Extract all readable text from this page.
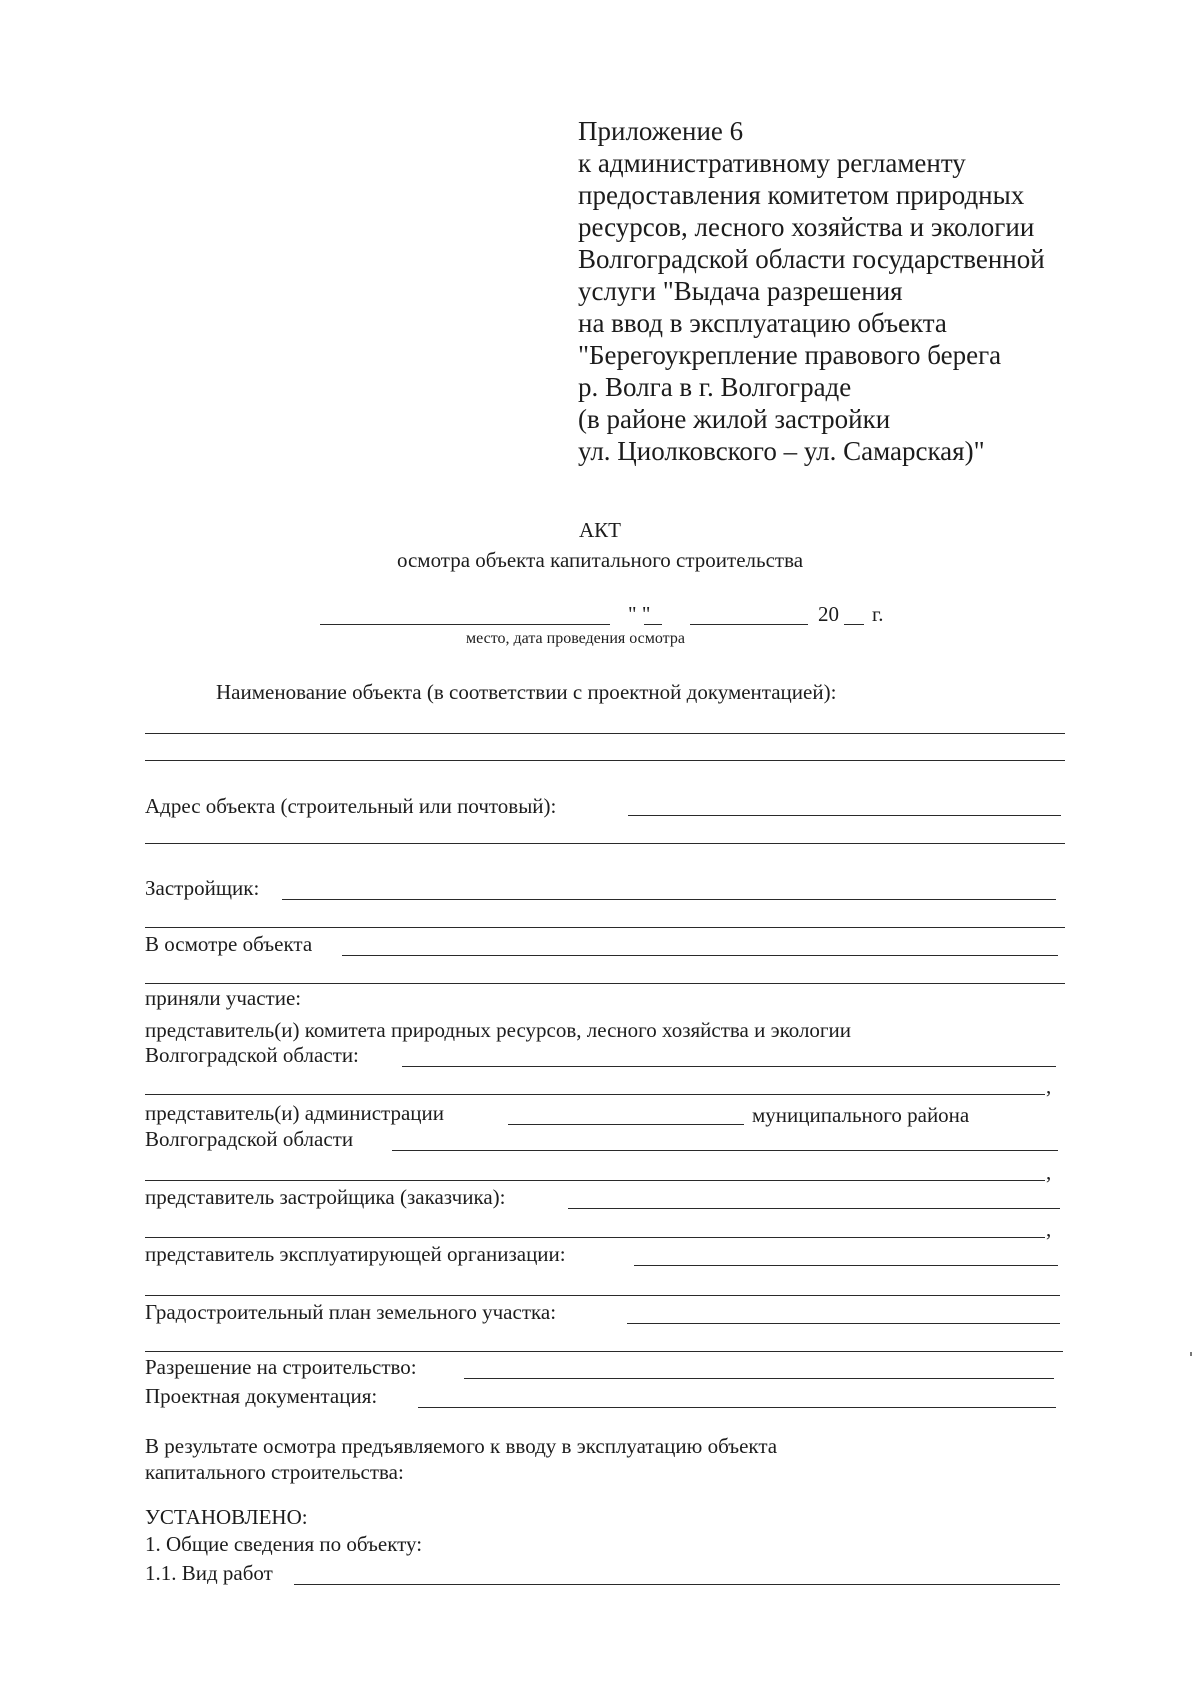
Приложение 6
к административному регламенту
предоставления комитетом природных
ресурсов, лесного хозяйства и экологии
Волгоградской области государственной
услуги "Выдача разрешения
на ввод в эксплуатацию объекта
"Берегоукрепление правового берега
р. Волга в г. Волгограде
(в районе жилой застройки
ул. Циолковского – ул. Самарская)"
АКТ
осмотра объекта капитального строительства
" "	20 г.
место, дата проведения осмотра
Наименование объекта (в соответствии с проектной документацией):
Адрес объекта (строительный или почтовый):
Застройщик:
В осмотре объекта
приняли участие:
представитель(и) комитета природных ресурсов, лесного хозяйства и экологии
Волгоградской области:
,
представитель(и) администрации	муниципального района
Волгоградской области
,
представитель застройщика (заказчика):
,
представитель эксплуатирующей организации:
Градостроительный план земельного участка:
Разрешение на строительство:
Проектная документация:
В результате осмотра предъявляемого к вводу в эксплуатацию объекта
капитального строительства:
УСТАНОВЛЕНО:
1. Общие сведения по объекту:
1.1. Вид работ
